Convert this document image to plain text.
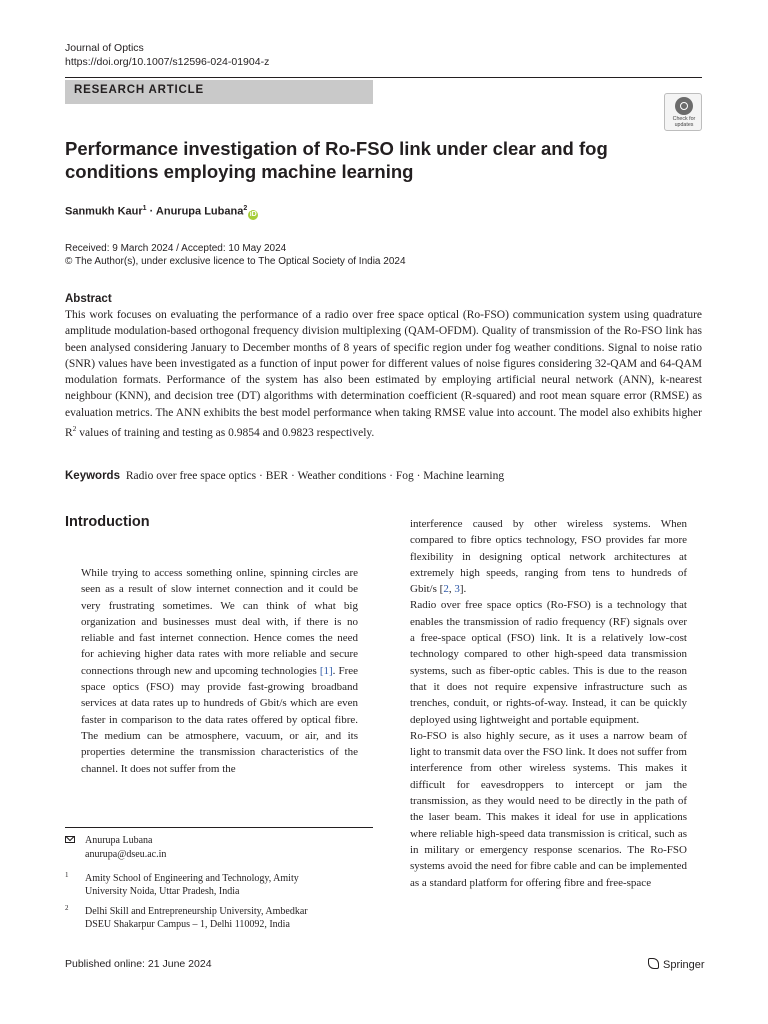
Journal of Optics
https://doi.org/10.1007/s12596-024-01904-z
RESEARCH ARTICLE
Check for updates
Performance investigation of Ro-FSO link under clear and fog conditions employing machine learning
Sanmukh Kaur$^1$ · Anurupa Lubana$^2$iD
Received: 9 March 2024 / Accepted: 10 May 2024
© The Author(s), under exclusive licence to The Optical Society of India 2024
Abstract

This work focuses on evaluating the performance of a radio over free space optical (Ro-FSO) communication system using quadrature amplitude modulation-based orthogonal frequency division multiplexing (QAM-OFDM). Quality of transmission of the Ro-FSO link has been analysed considering January to December months of 8 years of specific region under fog weather conditions. Signal to noise ratio (SNR) values have been investigated as a function of input power for different values of noise figures considering 32-QAM and 64-QAM modulation formats. Performance of the system has also been estimated by employing artificial neural network (ANN), k-nearest neighbour (KNN), and decision tree (DT) algorithms with determination coefficient (R-squared) and root mean square error (RMSE) as evaluation metrics. The ANN exhibits the best model performance when taking RMSE value into account. The model also exhibits higher $R^2$ values of training and testing as 0.9854 and 0.9823 respectively.

Keywords Radio over free space optics · BER · Weather conditions · Fog · Machine learning
Introduction

While trying to access something online, spinning circles are seen as a result of slow internet connection and it could be very frustrating sometimes. We can think of what big organization and businesses must deal with, if there is no reliable and fast internet connection. Hence comes the need for achieving higher data rates with more reliable and secure connections through new and upcoming technologies [1]. Free space optics (FSO) may provide fast-growing broadband services at data rates up to hundreds of Gbit/s which are even faster in comparison to the data rates offered by optical fibre. The medium can be atmosphere, vacuum, or air, and its properties determine the transmission characteristics of the channel. It does not suffer from the

interference caused by other wireless systems. When compared to fibre optics technology, FSO provides far more flexibility in designing optical network architectures at extremely high speeds, ranging from tens to hundreds of Gbit/s [2, 3].

Radio over free space optics (Ro-FSO) is a technology that enables the transmission of radio frequency (RF) signals over a free-space optical (FSO) link. It is a relatively low-cost technology compared to other high-speed data transmission systems, such as fiber-optic cables. This is due to the reason that it does not require expensive infrastructure such as trenches, conduit, or rights-of-way. Instead, it can be quickly deployed using lightweight and portable equipment.

Ro-FSO is also highly secure, as it uses a narrow beam of light to transmit data over the FSO link. It does not suffer from interference from other wireless systems. This makes it difficult for eavesdroppers to intercept or jam the transmission, as they would need to be directly in the path of the laser beam. This makes it ideal for use in applications where reliable high-speed data transmission is critical, such as in military or emergency response scenarios. The Ro-FSO systems avoid the need for fibre cable and can be implemented as a standard platform for offering fibre and free-space

Anurupa Lubana
anurupa@dseu.ac.in
1 Amity School of Engineering and Technology, Amity
University Noida, Uttar Pradesh, India
2 Delhi Skill and Entrepreneurship University, Ambedkar
DSEU Shakarpur Campus – 1, Delhi 110092, India
Published online: 21 June 2024	Springer
